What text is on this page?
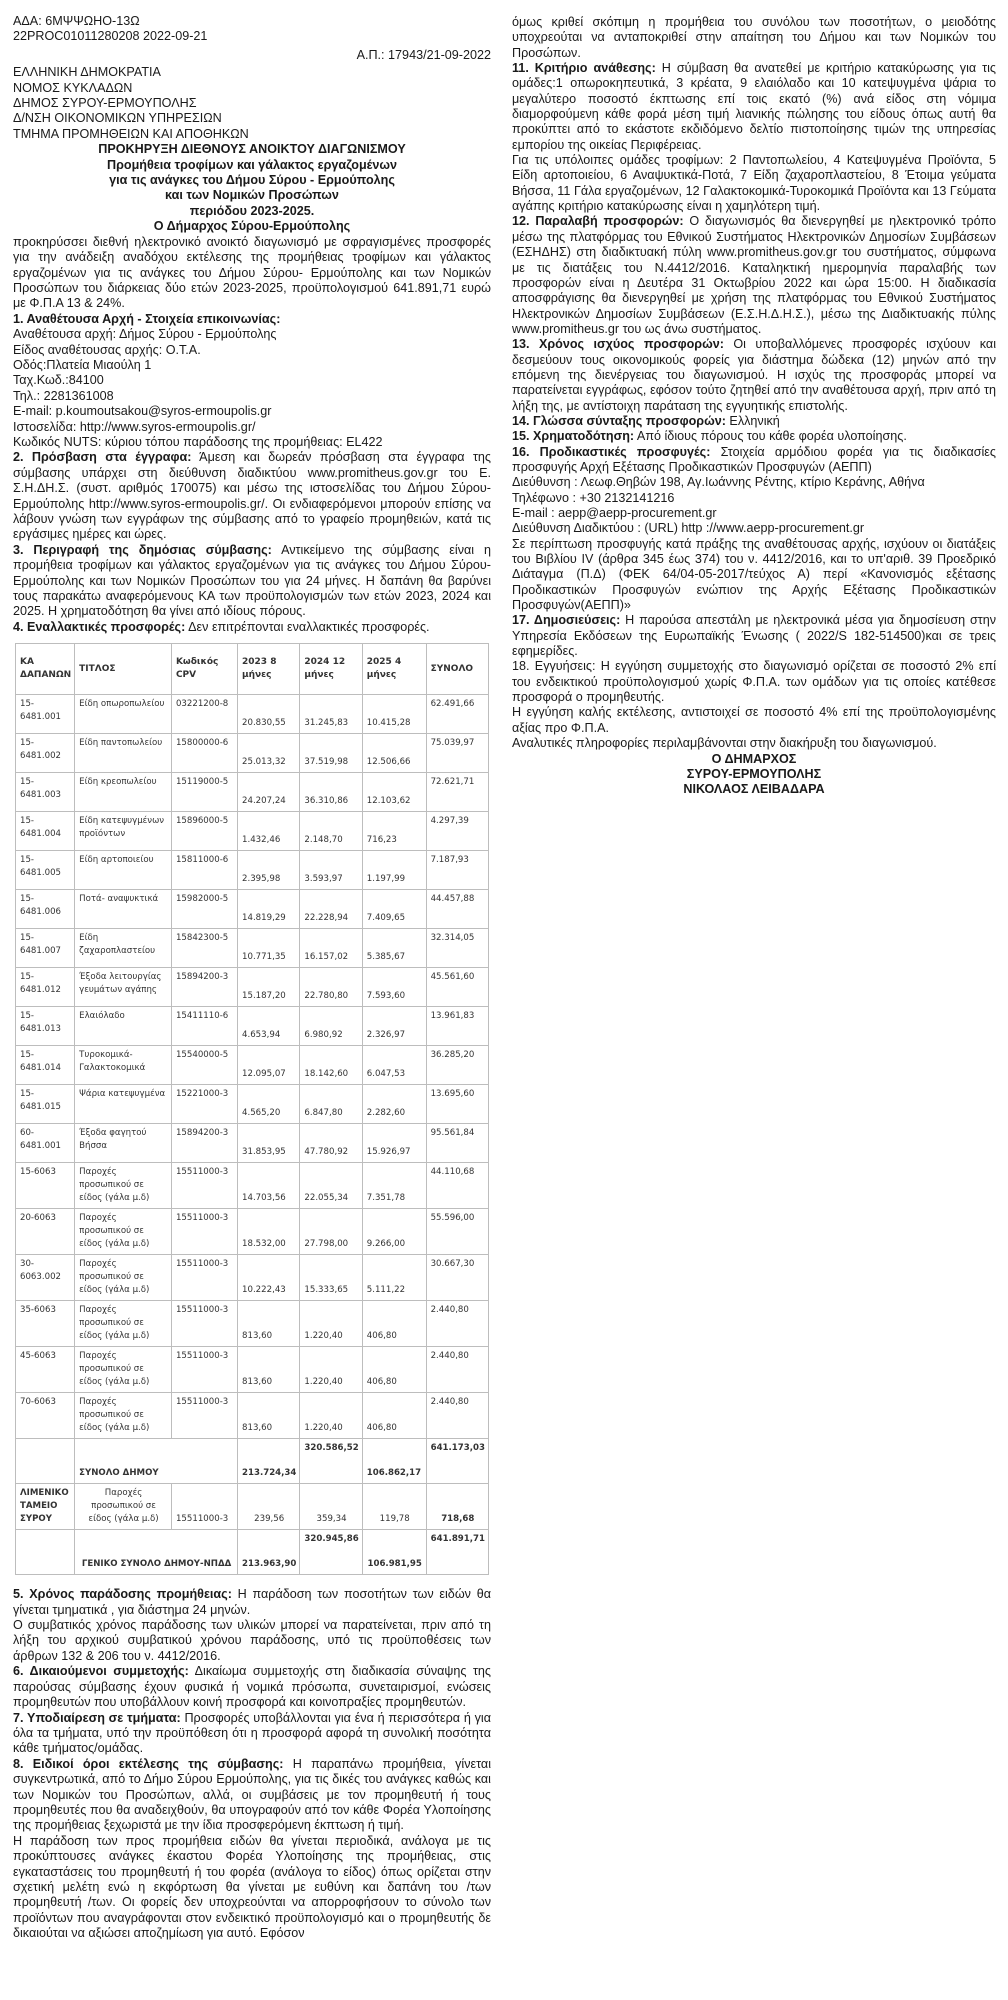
ΑΔΑ: 6ΜΨΨΩΗΟ-13Ω

22PROC01011280208 2022-09-21

Α.Π.: 17943/21-09-2022

ΕΛΛΗΝΙΚΗ ΔΗΜΟΚΡΑΤΙΑ

ΝΟΜΟΣ ΚΥΚΛΑΔΩΝ

ΔΗΜΟΣ ΣΥΡΟΥ-ΕΡΜΟΥΠΟΛΗΣ

Δ/ΝΣΗ ΟΙΚΟΝΟΜΙΚΩΝ ΥΠΗΡΕΣΙΩΝ

ΤΜΗΜΑ ΠΡΟΜΗΘΕΙΩΝ ΚΑΙ ΑΠΟΘΗΚΩΝ

ΠΡΟΚΗΡΥΞΗ ΔΙΕΘΝΟΥΣ ΑΝΟΙΚΤΟΥ ΔΙΑΓΩΝΙΣΜΟΥ

Προμήθεια τροφίμων και γάλακτος εργαζομένων

για τις ανάγκες του Δήμου Σύρου - Ερμούπολης

και των Νομικών Προσώπων

περιόδου 2023-2025.

Ο Δήμαρχος Σύρου-Ερμούπολης

προκηρύσσει διεθνή ηλεκτρονικό ανοικτό διαγωνισμό με σφραγισμένες προσφορές για την ανάδειξη αναδόχου εκτέλεσης της προμήθειας τροφίμων και γάλακτος εργαζομένων για τις ανάγκες του Δήμου Σύρου- Ερμούπολης και των Νομικών Προσώπων του διάρκειας δύο ετών 2023-2025, προϋπολογισμού 641.891,71 ευρώ με Φ.Π.Α 13 & 24%.

1. Αναθέτουσα Αρχή - Στοιχεία επικοινωνίας:

Αναθέτουσα αρχή: Δήμος Σύρου - Ερμούπολης

Είδος αναθέτουσας αρχής: Ο.Τ.Α.

Οδός:Πλατεία Μιαούλη 1

Ταχ.Κωδ.:84100

Τηλ.: 2281361008

E-mail: p.koumoutsakou@syros-ermoupolis.gr

Ιστοσελίδα: http://www.syros-ermoupolis.gr/

Κωδικός NUTS: κύριου τόπου παράδοσης της προμήθειας: EL422

2. Πρόσβαση στα έγγραφα: Άμεση και δωρεάν πρόσβαση στα έγγραφα της σύμβασης υπάρχει στη διεύθυνση διαδικτύου www.promitheus.gov.gr του Ε. Σ.Η.ΔΗ.Σ. (συστ. αριθμός 170075) και μέσω της ιστοσελίδας του Δήμου Σύρου-Ερμούπολης http://www.syros-ermoupolis.gr/. Οι ενδιαφερόμενοι μπορούν επίσης να λάβουν γνώση των εγγράφων της σύμβασης από το γραφείο προμηθειών, κατά τις εργάσιμες ημέρες και ώρες.

3. Περιγραφή της δημόσιας σύμβασης: Αντικείμενο της σύμβασης είναι η προμήθεια τροφίμων και γάλακτος εργαζομένων για τις ανάγκες του Δήμου Σύρου- Ερμούπολης και των Νομικών Προσώπων του για 24 μήνες. Η δαπάνη θα βαρύνει τους παρακάτω αναφερόμενους ΚΑ των προϋπολογισμών των ετών 2023, 2024 και 2025. Η χρηματοδότηση θα γίνει από ιδίους πόρους.

4. Εναλλακτικές προσφορές: Δεν επιτρέπονται εναλλακτικές προσφορές.

ΚΑ ΔΑΠΑΝΩΝ	ΤΙΤΛΟΣ	Κωδικός CPV	2023 8 μήνες	2024 12 μήνες	2025 4 μήνες	ΣΥΝΟΛΟ
15-6481.001	Είδη οπωροπωλείου	03221200-8	20.830,55	31.245,83	10.415,28	62.491,66
15-6481.002	Είδη παντοπωλείου	15800000-6	25.013,32	37.519,98	12.506,66	75.039,97
15-6481.003	Είδη κρεοπωλείου	15119000-5	24.207,24	36.310,86	12.103,62	72.621,71
15-6481.004	Είδη κατεψυγμένων προϊόντων	15896000-5	1.432,46	2.148,70	716,23	4.297,39
15-6481.005	Είδη αρτοποιείου	15811000-6	2.395,98	3.593,97	1.197,99	7.187,93
15-6481.006	Ποτά- αναψυκτικά	15982000-5	14.819,29	22.228,94	7.409,65	44.457,88
15-6481.007	Είδη ζαχαροπλαστείου	15842300-5	10.771,35	16.157,02	5.385,67	32.314,05
15-6481.012	Έξοδα λειτουργίας γευμάτων αγάπης	15894200-3	15.187,20	22.780,80	7.593,60	45.561,60
15-6481.013	Ελαιόλαδο	15411110-6	4.653,94	6.980,92	2.326,97	13.961,83
15-6481.014	Τυροκομικά- Γαλακτοκομικά	15540000-5	12.095,07	18.142,60	6.047,53	36.285,20
15-6481.015	Ψάρια κατεψυγμένα	15221000-3	4.565,20	6.847,80	2.282,60	13.695,60
60-6481.001	Έξοδα φαγητού Βήσσα	15894200-3	31.853,95	47.780,92	15.926,97	95.561,84
15-6063	Παροχές προσωπικού σε είδος (γάλα μ.δ)	15511000-3	14.703,56	22.055,34	7.351,78	44.110,68
20-6063	Παροχές προσωπικού σε είδος (γάλα μ.δ)	15511000-3	18.532,00	27.798,00	9.266,00	55.596,00
30-6063.002	Παροχές προσωπικού σε είδος (γάλα μ.δ)	15511000-3	10.222,43	15.333,65	5.111,22	30.667,30
35-6063	Παροχές προσωπικού σε είδος (γάλα μ.δ)	15511000-3	813,60	1.220,40	406,80	2.440,80
45-6063	Παροχές προσωπικού σε είδος (γάλα μ.δ)	15511000-3	813,60	1.220,40	406,80	2.440,80
70-6063	Παροχές προσωπικού σε είδος (γάλα μ.δ)	15511000-3	813,60	1.220,40	406,80	2.440,80
	ΣΥΝΟΛΟ ΔΗΜΟΥ		213.724,34	320.586,52	106.862,17	641.173,03
ΛΙΜΕΝΙΚΟ ΤΑΜΕΙΟ ΣΥΡΟΥ	Παροχές προσωπικού σε είδος (γάλα μ.δ)	15511000-3	239,56	359,34	119,78	718,68
	ΓΕΝΙΚΟ ΣΥΝΟΛΟ ΔΗΜΟΥ-ΝΠΔΔ		213.963,90	320.945,86	106.981,95	641.891,71

5. Χρόνος παράδοσης προμήθειας: Η παράδοση των ποσοτήτων των ειδών θα γίνεται τμηματικά , για διάστημα 24 μηνών.

Ο συμβατικός χρόνος παράδοσης των υλικών μπορεί να παρατείνεται, πριν από τη λήξη του αρχικού συμβατικού χρόνου παράδοσης, υπό τις προϋποθέσεις των άρθρων 132 & 206 του ν. 4412/2016.

6. Δικαιούμενοι συμμετοχής: Δικαίωμα συμμετοχής στη διαδικασία σύναψης της παρούσας σύμβασης έχουν φυσικά ή νομικά πρόσωπα, συνεταιρισμοί, ενώσεις προμηθευτών που υποβάλλουν κοινή προσφορά και κοινοπραξίες προμηθευτών.

7. Υποδιαίρεση σε τμήματα: Προσφορές υποβάλλονται για ένα ή περισσότερα ή για όλα τα τμήματα, υπό την προϋπόθεση ότι η προσφορά αφορά τη συνολική ποσότητα κάθε τμήματος/ομάδας.

8. Ειδικοί όροι εκτέλεσης της σύμβασης: Η παραπάνω προμήθεια, γίνεται συγκεντρωτικά, από το Δήμο Σύρου Ερμούπολης, για τις δικές του ανάγκες καθώς και των Νομικών του Προσώπων, αλλά, οι συμβάσεις με τον προμηθευτή ή τους προμηθευτές που θα αναδειχθούν, θα υπογραφούν από τον κάθε Φορέα Υλοποίησης της προμήθειας ξεχωριστά με την ίδια προσφερόμενη έκπτωση ή τιμή.

Η παράδοση των προς προμήθεια ειδών θα γίνεται περιοδικά, ανάλογα με τις προκύπτουσες ανάγκες έκαστου Φορέα Υλοποίησης της προμήθειας, στις εγκαταστάσεις του προμηθευτή ή του φορέα (ανάλογα το είδος) όπως ορίζεται στην σχετική μελέτη ενώ η εκφόρτωση θα γίνεται με ευθύνη και δαπάνη του /των προμηθευτή /των. Οι φορείς δεν υποχρεούνται να απορροφήσουν το σύνολο των προϊόντων που αναγράφονται στον ενδεικτικό προϋπολογισμό και ο προμηθευτής δε δικαιούται να αξιώσει αποζημίωση για αυτό. Εφόσον

όμως κριθεί σκόπιμη η προμήθεια του συνόλου των ποσοτήτων, ο μειοδότης υποχρεούται να ανταποκριθεί στην απαίτηση του Δήμου και των Νομικών του Προσώπων.

11. Κριτήριο ανάθεσης: Η σύμβαση θα ανατεθεί με κριτήριο κατακύρωσης για τις ομάδες:1 οπωροκηπευτικά, 3 κρέατα, 9 ελαιόλαδο και 10 κατεψυγμένα ψάρια το μεγαλύτερο ποσοστό έκπτωσης επί τοις εκατό (%) ανά είδος στη νόμιμα διαμορφούμενη κάθε φορά μέση τιμή λιανικής πώλησης του είδους όπως αυτή θα προκύπτει από το εκάστοτε εκδιδόμενο δελτίο πιστοποίησης τιμών της υπηρεσίας εμπορίου της οικείας Περιφέρειας.

Για τις υπόλοιπες ομάδες τροφίμων: 2 Παντοπωλείου, 4 Κατεψυγμένα Προϊόντα, 5 Είδη αρτοποιείου, 6 Αναψυκτικά-Ποτά, 7 Είδη ζαχαροπλαστείου, 8 Έτοιμα γεύματα Βήσσα, 11 Γάλα εργαζομένων, 12 Γαλακτοκομικά-Τυροκομικά Προϊόντα και 13 Γεύματα αγάπης κριτήριο κατακύρωσης είναι η χαμηλότερη τιμή.

12. Παραλαβή προσφορών: Ο διαγωνισμός θα διενεργηθεί με ηλεκτρονικό τρόπο μέσω της πλατφόρμας του Εθνικού Συστήματος Ηλεκτρονικών Δημοσίων Συμβάσεων (ΕΣΗΔΗΣ) στη διαδικτυακή πύλη www.promitheus.gov.gr του συστήματος, σύμφωνα με τις διατάξεις του Ν.4412/2016. Καταληκτική ημερομηνία παραλαβής των προσφορών είναι η Δευτέρα 31 Οκτωβρίου 2022 και ώρα 15:00. Η διαδικασία αποσφράγισης θα διενεργηθεί με χρήση της πλατφόρμας του Εθνικού Συστήματος Ηλεκτρονικών Δημοσίων Συμβάσεων (Ε.Σ.Η.Δ.Η.Σ.), μέσω της Διαδικτυακής πύλης www.promitheus.gr του ως άνω συστήματος.

13. Χρόνος ισχύος προσφορών: Οι υποβαλλόμενες προσφορές ισχύουν και δεσμεύουν τους οικονομικούς φορείς για διάστημα δώδεκα (12) μηνών από την επόμενη της διενέργειας του διαγωνισμού. Η ισχύς της προσφοράς μπορεί να παρατείνεται εγγράφως, εφόσον τούτο ζητηθεί από την αναθέτουσα αρχή, πριν από τη λήξη της, με αντίστοιχη παράταση της εγγυητικής επιστολής.

14. Γλώσσα σύνταξης προσφορών: Ελληνική

15. Χρηματοδότηση: Από ίδιους πόρους του κάθε φορέα υλοποίησης.

16. Προδικαστικές προσφυγές: Στοιχεία αρμόδιου φορέα για τις διαδικασίες προσφυγής Αρχή Εξέτασης Προδικαστικών Προσφυγών (ΑΕΠΠ)

Διεύθυνση : Λεωφ.Θηβών 198, Αγ.Ιωάννης Ρέντης, κτίριο Κεράνης, Αθήνα

Τηλέφωνο : +30 2132141216

E-mail : aepp@aepp-procurement.gr

Διεύθυνση Διαδικτύου : (URL) http ://www.aepp-procurement.gr

Σε περίπτωση προσφυγής κατά πράξης της αναθέτουσας αρχής, ισχύουν οι διατάξεις του Βιβλίου IV (άρθρα 345 έως 374) του ν. 4412/2016, και το υπ'αριθ. 39 Προεδρικό Διάταγμα (Π.Δ) (ΦΕΚ 64/04-05-2017/τεύχος Α) περί «Κανονισμός εξέτασης Προδικαστικών Προσφυγών ενώπιον της Αρχής Εξέτασης Προδικαστικών Προσφυγών(ΑΕΠΠ)»

17. Δημοσιεύσεις: Η παρούσα απεστάλη με ηλεκτρονικά μέσα για δημοσίευση στην Υπηρεσία Εκδόσεων της Ευρωπαϊκής Ένωσης ( 2022/S 182-514500)και σε τρεις εφημερίδες.

18. Εγγυήσεις: Η εγγύηση συμμετοχής στο διαγωνισμό ορίζεται σε ποσοστό 2% επί του ενδεικτικού προϋπολογισμού χωρίς Φ.Π.Α. των ομάδων για τις οποίες κατέθεσε προσφορά ο προμηθευτής.

Η εγγύηση καλής εκτέλεσης, αντιστοιχεί σε ποσοστό 4% επί της προϋπολογισμένης αξίας προ Φ.Π.Α.

Αναλυτικές πληροφορίες περιλαμβάνονται στην διακήρυξη του διαγωνισμού.

Ο ΔΗΜΑΡΧΟΣ

ΣΥΡΟΥ-ΕΡΜΟΥΠΟΛΗΣ

ΝΙΚΟΛΑΟΣ ΛΕΙΒΑΔΑΡΑ
